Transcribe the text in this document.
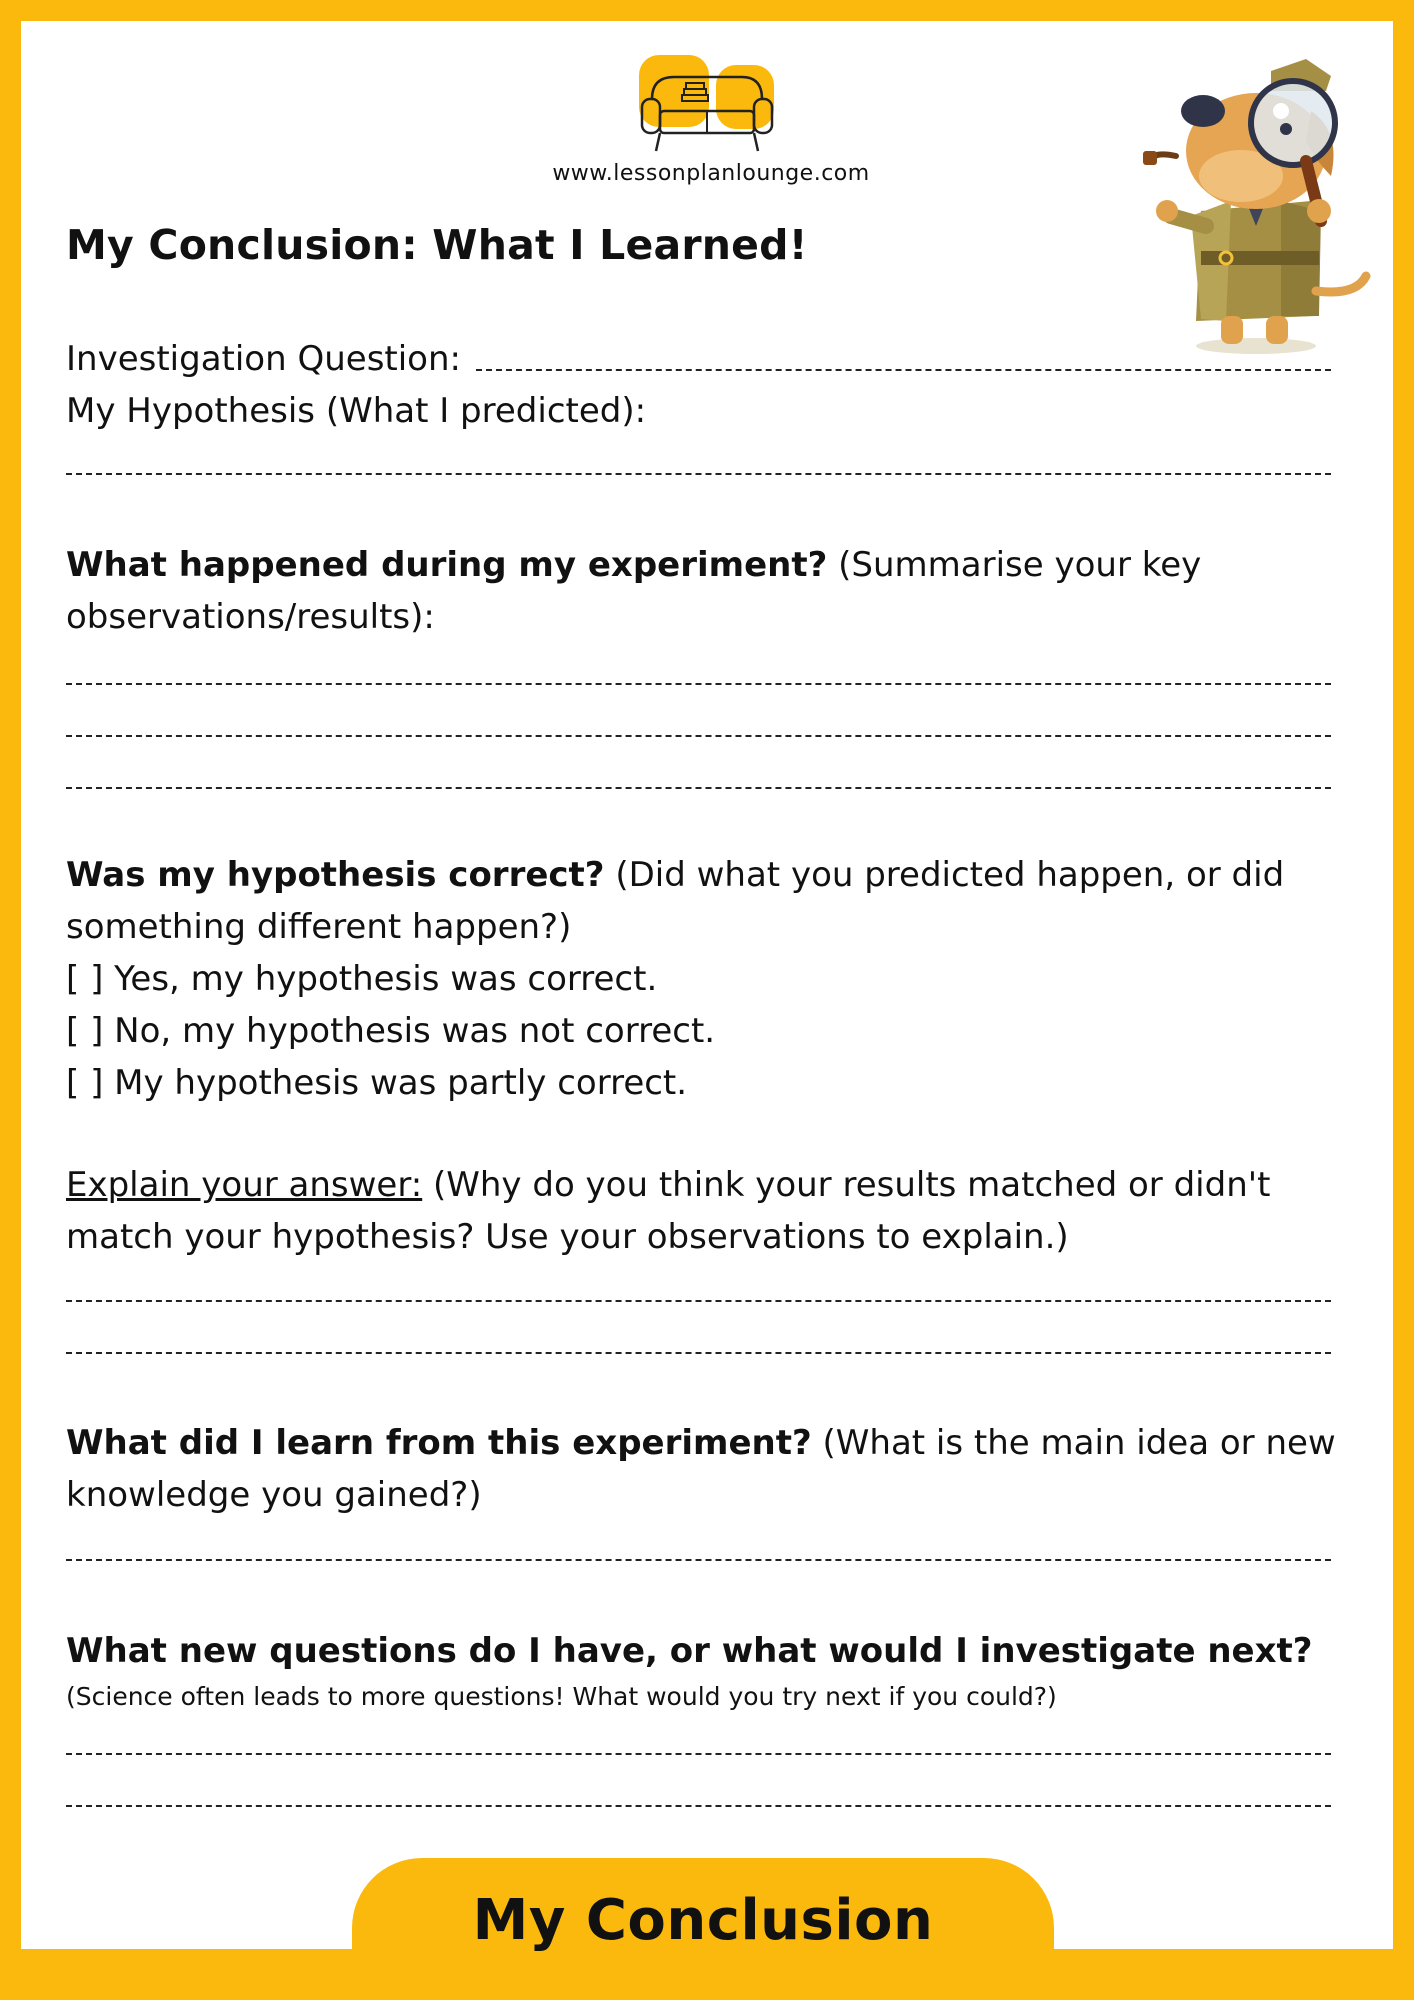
www.lessonplanlounge.com
My Conclusion: What I Learned!
Investigation Question:
My Hypothesis (What I predicted):
What happened during my experiment? (Summarise your key observations/results):
Was my hypothesis correct? (Did what you predicted happen, or did something different happen?)
[ ] Yes, my hypothesis was correct.
[ ] No, my hypothesis was not correct.
[ ] My hypothesis was partly correct.
Explain your answer: (Why do you think your results matched or didn't match your hypothesis? Use your observations to explain.)
What did I learn from this experiment? (What is the main idea or new knowledge you gained?)
What new questions do I have, or what would I investigate next?
(Science often leads to more questions! What would you try next if you could?)
My Conclusion
